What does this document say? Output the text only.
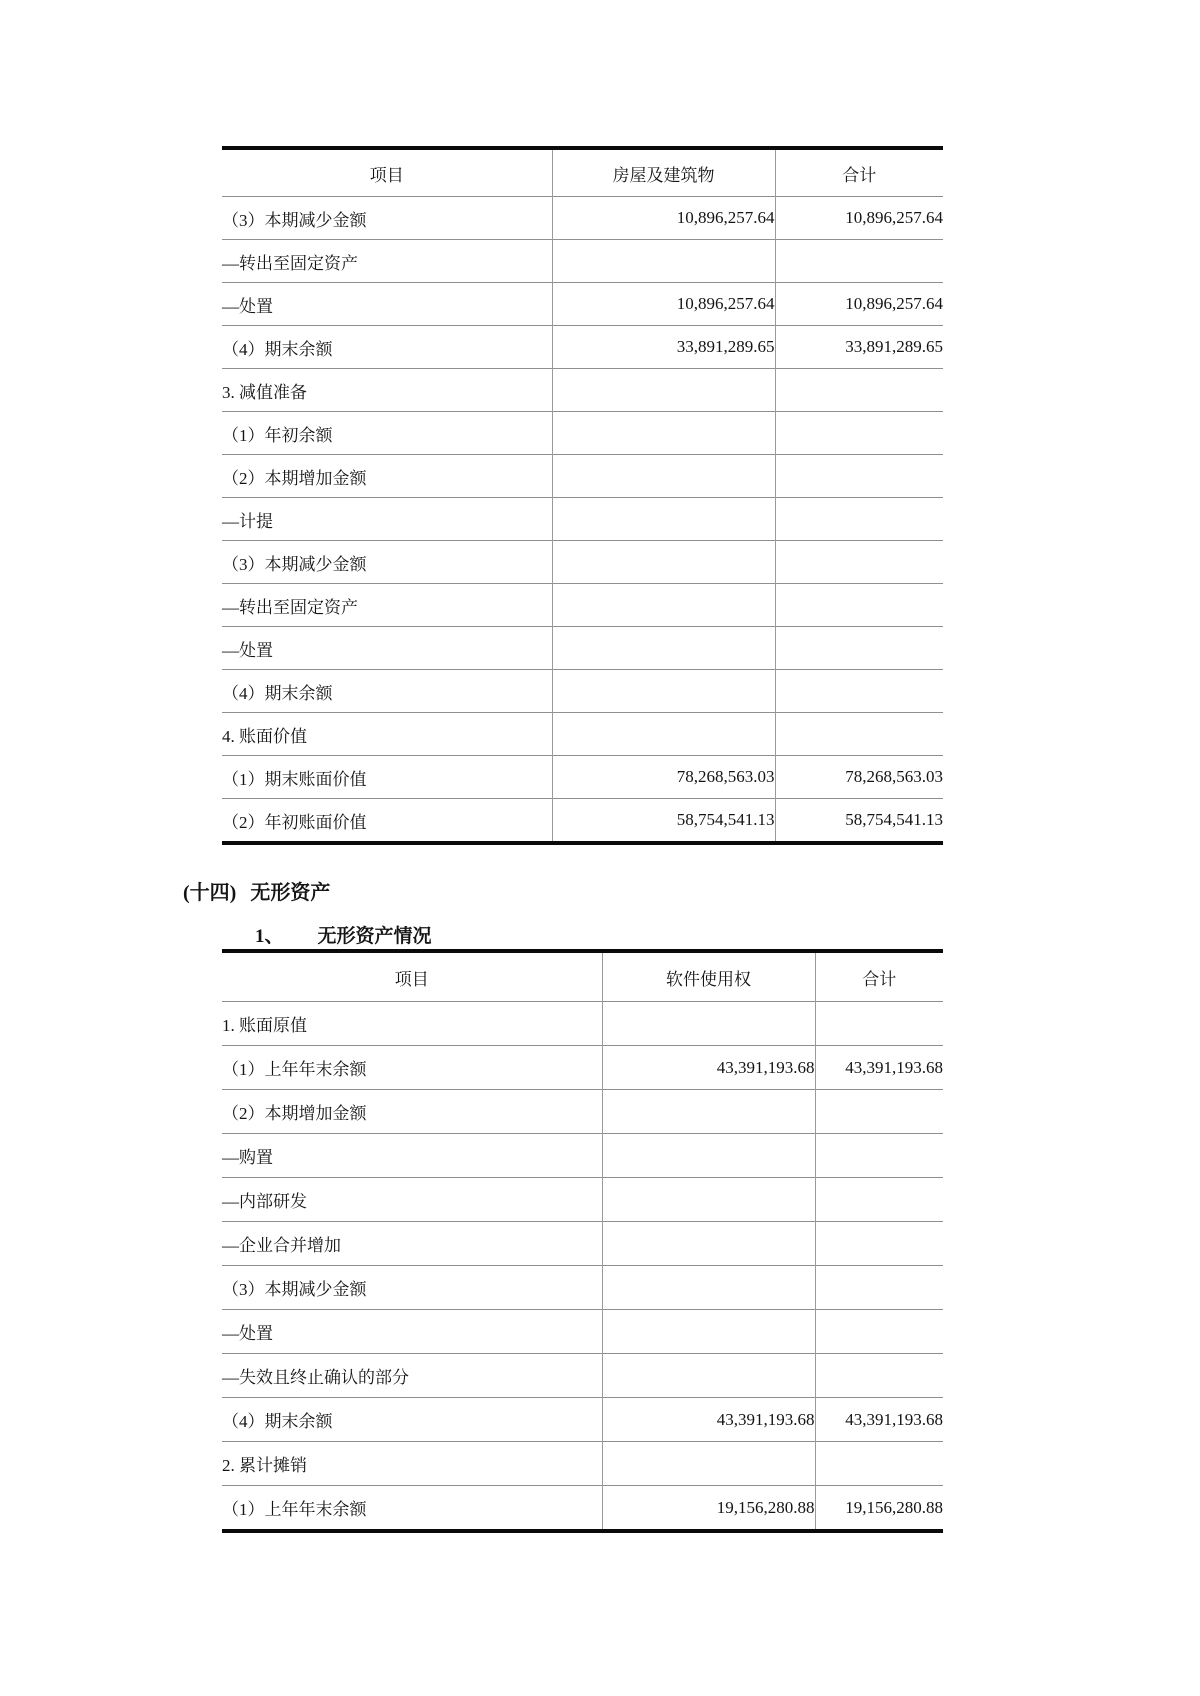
项目	房屋及建筑物	合计
（3）本期减少金额	10,896,257.64	10,896,257.64
—转出至固定资产		
—处置	10,896,257.64	10,896,257.64
（4）期末余额	33,891,289.65	33,891,289.65
3. 减值准备		
（1）年初余额		
（2）本期增加金额		
—计提		
（3）本期减少金额		
—转出至固定资产		
—处置		
（4）期末余额		
4. 账面价值		
（1）期末账面价值	78,268,563.03	78,268,563.03
（2）年初账面价值	58,754,541.13	58,754,541.13
(十四) 无形资产
1、 无形资产情况
项目	软件使用权	合计
1. 账面原值		
（1）上年年末余额	43,391,193.68	43,391,193.68
（2）本期增加金额		
—购置		
—内部研发		
—企业合并增加		
（3）本期减少金额		
—处置		
—失效且终止确认的部分		
（4）期末余额	43,391,193.68	43,391,193.68
2. 累计摊销		
（1）上年年末余额	19,156,280.88	19,156,280.88
